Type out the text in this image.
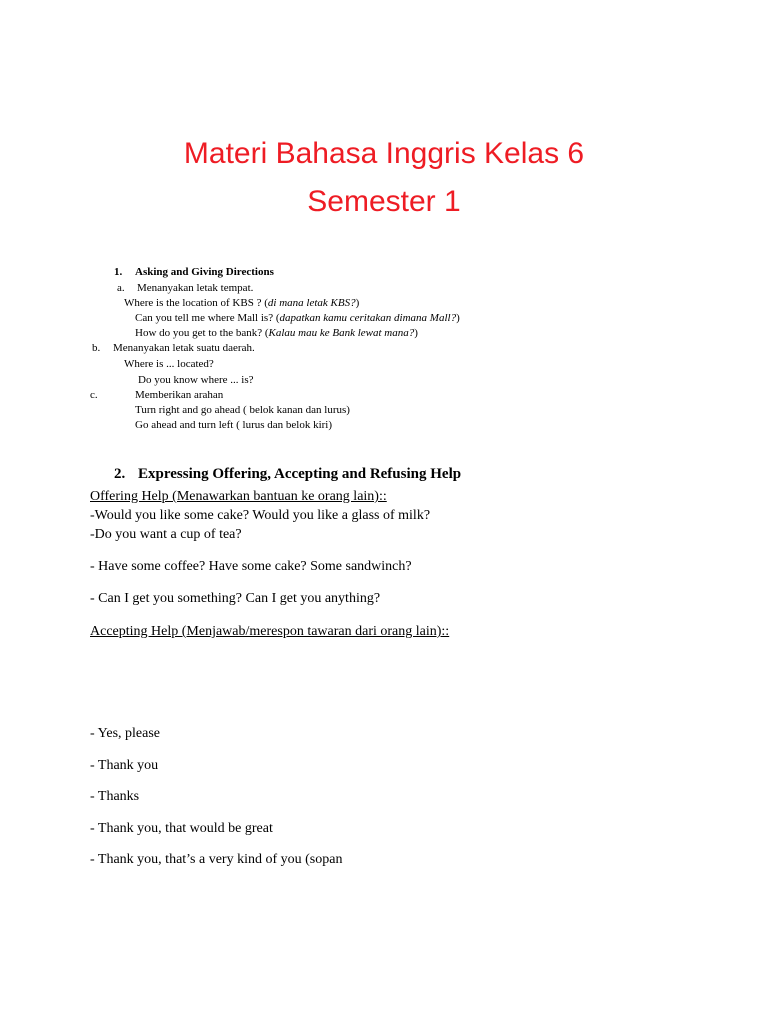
Materi Bahasa Inggris Kelas 6
Semester 1
1. Asking and Giving Directions
a. Menanyakan letak tempat.
Where is the location of KBS ? (di mana letak KBS?)
Can you tell me where Mall is? (dapatkan kamu ceritakan dimana Mall?)
How do you get to the bank? (Kalau mau ke Bank lewat mana?)
b. Menanyakan letak suatu daerah.
Where is ... located?
Do you know where ... is?
c.	Memberikan arahan
Turn right and go ahead ( belok kanan dan lurus)
Go ahead and turn left ( lurus dan belok kiri)
2. Expressing Offering, Accepting and Refusing Help
Offering Help (Menawarkan bantuan ke orang lain)::
-Would you like some cake? Would you like a glass of milk?
-Do you want a cup of tea?
- Have some coffee? Have some cake? Some sandwinch?
- Can I get you something? Can I get you anything?
Accepting Help (Menjawab/merespon tawaran dari orang lain)::
- Yes, please
- Thank you
- Thanks
- Thank you, that would be great
- Thank you, that’s a very kind of you (sopan
